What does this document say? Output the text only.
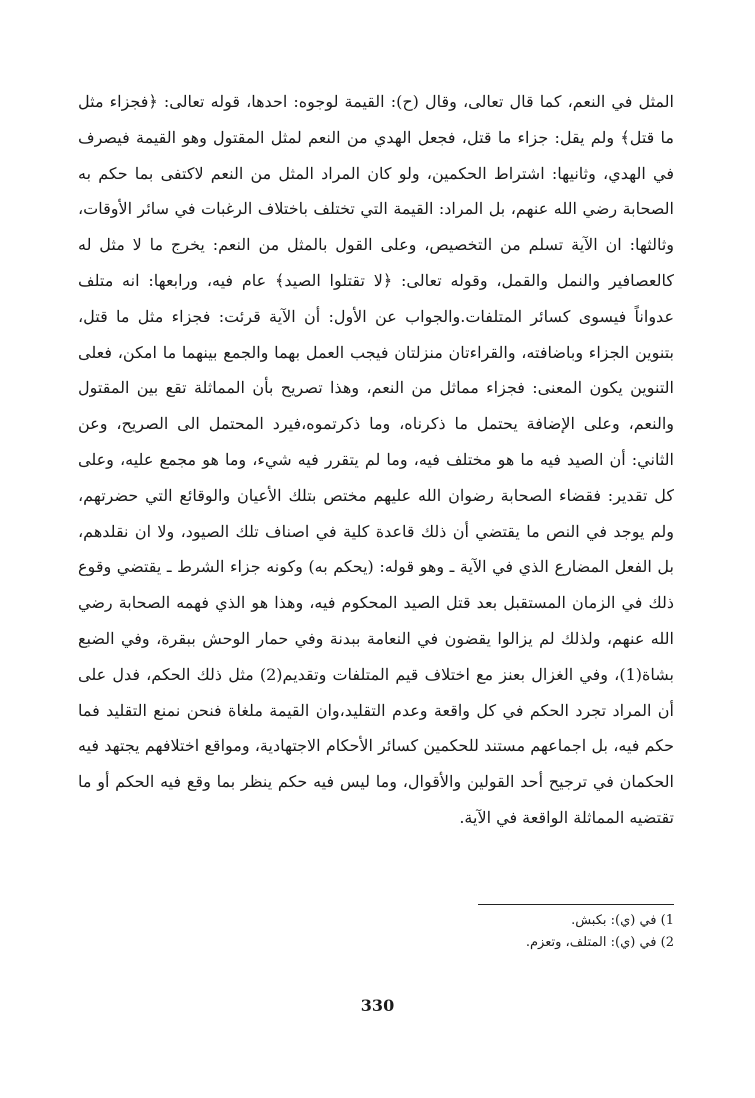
المثل في النعم، كما قال تعالى، وقال (ح): القيمة لوجوه: احدها، قوله تعالى: ﴿فجزاء مثل ما قتل﴾ ولم يقل: جزاء ما قتل، فجعل الهدي من النعم لمثل المقتول وهو القيمة فيصرف في الهدي، وثانيها: اشتراط الحكمين، ولو كان المراد المثل من النعم لاكتفى بما حكم به الصحابة رضي الله عنهم، بل المراد: القيمة التي تختلف باختلاف الرغبات في سائر الأوقات، وثالثها: ان الآية تسلم من التخصيص، وعلى القول بالمثل من النعم: يخرج ما لا مثل له كالعصافير والنمل والقمل، وقوله تعالى: ﴿لا تقتلوا الصيد﴾ عام فيه، ورابعها: انه متلف عدواناً فيسوى كسائر المتلفات.والجواب عن الأول: أن الآية قرئت: فجزاء مثل ما قتل، بتنوين الجزاء وباضافته، والقراءتان منزلتان فيجب العمل بهما والجمع بينهما ما امكن، فعلى التنوين يكون المعنى: فجزاء مماثل من النعم، وهذا تصريح بأن المماثلة تقع بين المقتول والنعم، وعلى الإضافة يحتمل ما ذكرناه، وما ذكرتموه،فيرد المحتمل الى الصريح، وعن الثاني: أن الصيد فيه ما هو مختلف فيه، وما لم يتقرر فيه شيء، وما هو مجمع عليه، وعلى كل تقدير: فقضاء الصحابة رضوان الله عليهم مختص بتلك الأعيان والوقائع التي حضرتهم، ولم يوجد في النص ما يقتضي أن ذلك قاعدة كلية في اصناف تلك الصيود، ولا ان نقلدهم، بل الفعل المضارع الذي في الآية ـ وهو قوله: (يحكم به) وكونه جزاء الشرط ـ يقتضي وقوع ذلك في الزمان المستقبل بعد قتل الصيد المحكوم فيه، وهذا هو الذي فهمه الصحابة رضي الله عنهم، ولذلك لم يزالوا يقضون في النعامة ببدنة وفي حمار الوحش ببقرة، وفي الضبع بشاة(1)، وفي الغزال بعنز مع اختلاف قيم المتلفات وتقديم(2) مثل ذلك الحكم، فدل على أن المراد تجرد الحكم في كل واقعة وعدم التقليد،وان القيمة ملغاة فنحن نمنع التقليد فما حكم فيه، بل اجماعهم مستند للحكمين كسائر الأحكام الاجتهادية، ومواقع اختلافهم يجتهد فيه الحكمان في ترجيح أحد القولين والأقوال، وما ليس فيه حكم ينظر بما وقع فيه الحكم أو ما تقتضيه المماثلة الواقعة في الآية.

1) في (ي): بكبش.
2) في (ي): المتلف، وتعزم.
330
